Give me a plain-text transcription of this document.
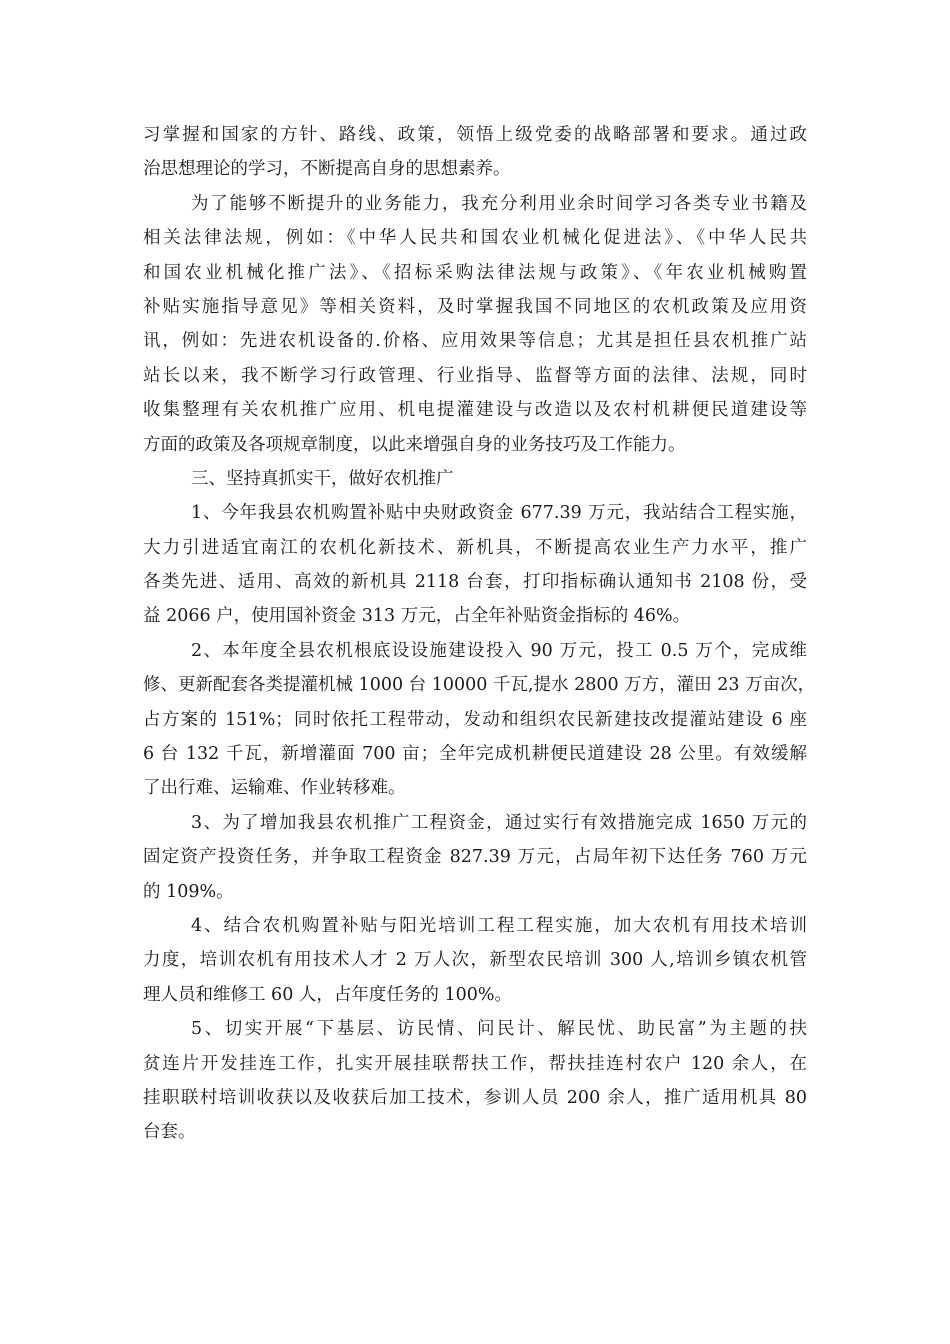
习掌握和国家的方针、路线、政策，领悟上级党委的战略部署和要求。通过政
治思想理论的学习，不断提高自身的思想素养。
为了能够不断提升的业务能力，我充分利用业余时间学习各类专业书籍及
相关法律法规，例如：《中华人民共和国农业机械化促进法》、《中华人民共
和国农业机械化推广法》、《招标采购法律法规与政策》、《年农业机械购置
补贴实施指导意见》等相关资料，及时掌握我国不同地区的农机政策及应用资
讯，例如：先进农机设备的.价格、应用效果等信息；尤其是担任县农机推广站
站长以来，我不断学习行政管理、行业指导、监督等方面的法律、法规，同时
收集整理有关农机推广应用、机电提灌建设与改造以及农村机耕便民道建设等
方面的政策及各项规章制度，以此来增强自身的业务技巧及工作能力。
三、坚持真抓实干，做好农机推广
1、今年我县农机购置补贴中央财政资金 677.39 万元，我站结合工程实施，
大力引进适宜南江的农机化新技术、新机具，不断提高农业生产力水平，推广
各类先进、适用、高效的新机具 2118 台套，打印指标确认通知书 2108 份，受
益 2066 户，使用国补资金 313 万元，占全年补贴资金指标的 46%。
2、本年度全县农机根底设设施建设投入 90 万元，投工 0.5 万个，完成维
修、更新配套各类提灌机械 1000 台 10000 千瓦,提水 2800 万方，灌田 23 万亩次，
占方案的 151%；同时依托工程带动，发动和组织农民新建技改提灌站建设 6 座
6 台 132 千瓦，新增灌面 700 亩；全年完成机耕便民道建设 28 公里。有效缓解
了出行难、运输难、作业转移难。
3、为了增加我县农机推广工程资金，通过实行有效措施完成 1650 万元的
固定资产投资任务，并争取工程资金 827.39 万元，占局年初下达任务 760 万元
的 109%。
4、结合农机购置补贴与阳光培训工程工程实施，加大农机有用技术培训
力度，培训农机有用技术人才 2 万人次，新型农民培训 300 人,培训乡镇农机管
理人员和维修工 60 人，占年度任务的 100%。
5、切实开展“下基层、访民情、问民计、解民忧、助民富”为主题的扶
贫连片开发挂连工作，扎实开展挂联帮扶工作，帮扶挂连村农户 120 余人，在
挂职联村培训收获以及收获后加工技术，参训人员 200 余人，推广适用机具 80
台套。
